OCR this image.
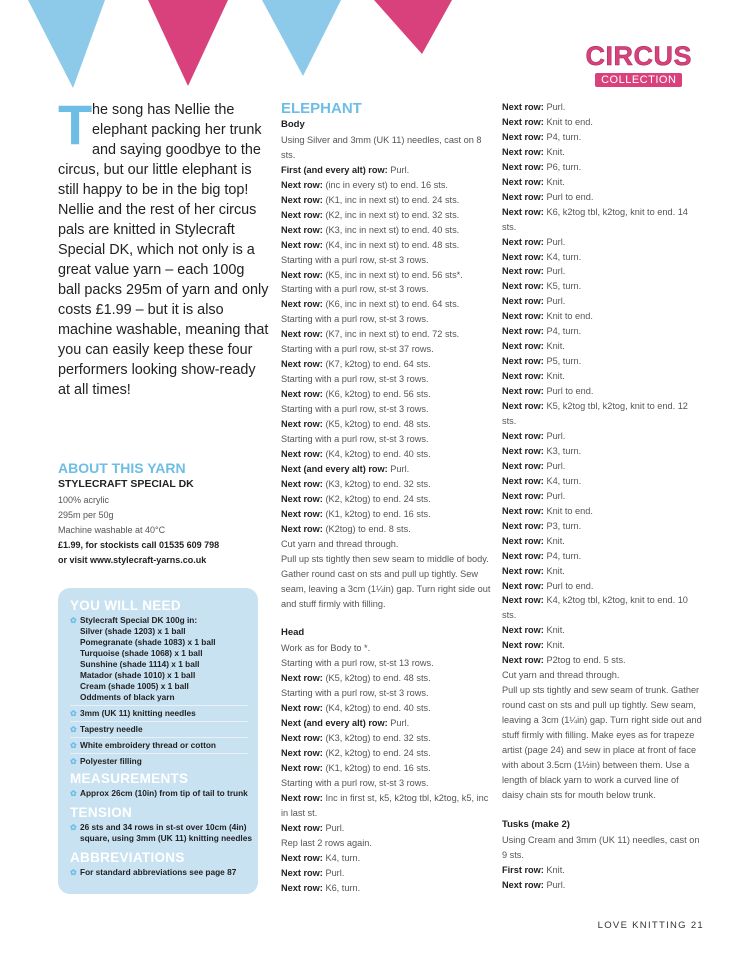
CIRCUS
COLLECTION
The song has Nellie the elephant packing her trunk and saying goodbye to the circus, but our little elephant is still happy to be in the big top! Nellie and the rest of her circus pals are knitted in Stylecraft Special DK, which not only is a great value yarn – each 100g ball packs 295m of yarn and only costs £1.99 – but it is also machine washable, meaning that you can easily keep these four performers looking show-ready at all times!
ABOUT THIS YARN
STYLECRAFT SPECIAL DK
100% acrylic
295m per 50g
Machine washable at 40°C
£1.99, for stockists call 01535 609 798
or visit www.stylecraft-yarns.co.uk
YOU WILL NEED
✿ Stylecraft Special DK 100g in:
Silver (shade 1203) x 1 ball
Pomegranate (shade 1083) x 1 ball
Turquoise (shade 1068) x 1 ball
Sunshine (shade 1114) x 1 ball
Matador (shade 1010) x 1 ball
Cream (shade 1005) x 1 ball
Oddments of black yarn
✿ 3mm (UK 11) knitting needles
✿ Tapestry needle
✿ White embroidery thread or cotton
✿ Polyester filling
MEASUREMENTS
✿ Approx 26cm (10in) from tip of tail to trunk
TENSION
✿ 26 sts and 34 rows in st-st over 10cm (4in) square, using 3mm (UK 11) knitting needles
ABBREVIATIONS
✿ For standard abbreviations see page 87
ELEPHANT
Body
Using Silver and 3mm (UK 11) needles, cast on 8 sts.
First (and every alt) row: Purl.
Next row: (inc in every st) to end. 16 sts.
Next row: (K1, inc in next st) to end. 24 sts.
Next row: (K2, inc in next st) to end. 32 sts.
Next row: (K3, inc in next st) to end. 40 sts.
Next row: (K4, inc in next st) to end. 48 sts.
Starting with a purl row, st-st 3 rows.
Next row: (K5, inc in next st) to end. 56 sts*.
Starting with a purl row, st-st 3 rows.
Next row: (K6, inc in next st) to end. 64 sts.
Starting with a purl row, st-st 3 rows.
Next row: (K7, inc in next st) to end. 72 sts.
Starting with a purl row, st-st 37 rows.
Next row: (K7, k2tog) to end. 64 sts.
Starting with a purl row, st-st 3 rows.
Next row: (K6, k2tog) to end. 56 sts.
Starting with a purl row, st-st 3 rows.
Next row: (K5, k2tog) to end. 48 sts.
Starting with a purl row, st-st 3 rows.
Next row: (K4, k2tog) to end. 40 sts.
Next (and every alt) row: Purl.
Next row: (K3, k2tog) to end. 32 sts.
Next row: (K2, k2tog) to end. 24 sts.
Next row: (K1, k2tog) to end. 16 sts.
Next row: (K2tog) to end. 8 sts.
Cut yarn and thread through.
Pull up sts tightly then sew seam to middle of body. Gather round cast on sts and pull up tightly. Sew seam, leaving a 3cm (1¼in) gap. Turn right side out and stuff firmly with filling.
Head
Work as for Body to *.
Starting with a purl row, st-st 13 rows.
Next row: (K5, k2tog) to end. 48 sts.
Starting with a purl row, st-st 3 rows.
Next row: (K4, k2tog) to end. 40 sts.
Next (and every alt) row: Purl.
Next row: (K3, k2tog) to end. 32 sts.
Next row: (K2, k2tog) to end. 24 sts.
Next row: (K1, k2tog) to end. 16 sts.
Starting with a purl row, st-st 3 rows.
Next row: Inc in first st, k5, k2tog tbl, k2tog, k5, inc in last st.
Next row: Purl.
Rep last 2 rows again.
Next row: K4, turn.
Next row: Purl.
Next row: K6, turn.
Next row: Purl.
Next row: Knit to end.
Next row: P4, turn.
Next row: Knit.
Next row: P6, turn.
Next row: Knit.
Next row: Purl to end.
Next row: K6, k2tog tbl, k2tog, knit to end. 14 sts.
Next row: Purl.
Next row: K4, turn.
Next row: Purl.
Next row: K5, turn.
Next row: Purl.
Next row: Knit to end.
Next row: P4, turn.
Next row: Knit.
Next row: P5, turn.
Next row: Knit.
Next row: Purl to end.
Next row: K5, k2tog tbl, k2tog, knit to end. 12 sts.
Next row: Purl.
Next row: K3, turn.
Next row: Purl.
Next row: K4, turn.
Next row: Purl.
Next row: Knit to end.
Next row: P3, turn.
Next row: Knit.
Next row: P4, turn.
Next row: Knit.
Next row: Purl to end.
Next row: K4, k2tog tbl, k2tog, knit to end. 10 sts.
Next row: Knit.
Next row: Knit.
Next row: P2tog to end. 5 sts.
Cut yarn and thread through.
Pull up sts tightly and sew seam of trunk. Gather round cast on sts and pull up tightly. Sew seam, leaving a 3cm (1¼in) gap. Turn right side out and stuff firmly with filling. Make eyes as for trapeze artist (page 24) and sew in place at front of face with about 3.5cm (1½in) between them. Use a length of black yarn to work a curved line of daisy chain sts for mouth below trunk.
Tusks (make 2)
Using Cream and 3mm (UK 11) needles, cast on 9 sts.
First row: Knit.
Next row: Purl.
LOVE KNITTING 21
